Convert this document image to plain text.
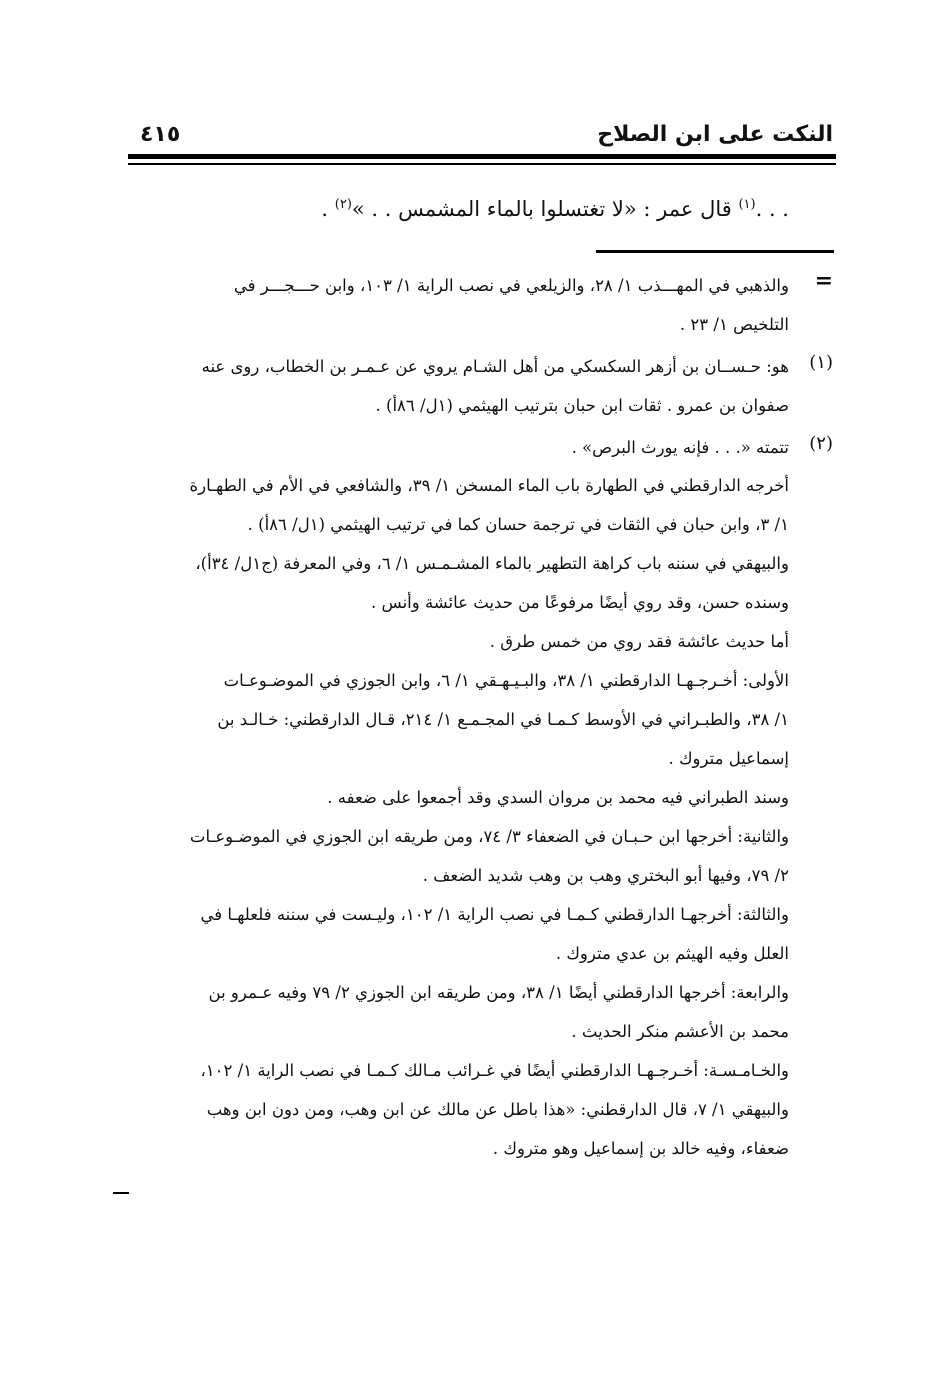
النكت على ابن الصلاح
٤١٥
. . .$^{(١)}$ قال عمر : «لا تغتسلوا بالماء المشمس . . »$^{(٢)}$ .
=
والذهبي في المهـــذب ١/ ٢٨، والزيلعي في نصب الراية ١/ ١٠٣، وابن حـــجـــر في
التلخيص ١/ ٢٣ .
(١)
هو: حـســان بن أزهر السكسكي من أهل الشـام يروي عن عـمـر بن الخطاب، روى عنه
صفوان بن عمرو . ثقات ابن حبان بترتيب الهيثمي (١ل/ ٨٦أ) .
(٢)
تتمته «. . . فإنه يورث البرص» .
أخرجه الدارقطني في الطهارة باب الماء المسخن ١/ ٣٩، والشافعي في الأم في الطهـارة
١/ ٣، وابن حبان في الثقات في ترجمة حسان كما في ترتيب الهيثمي (١ل/ ٨٦أ) .
والبيهقي في سننه باب كراهة التطهير بالماء المشـمـس ١/ ٦، وفي المعرفة (ج١ل/ ٣٤أ)،
وسنده حسن، وقد روي أيضًا مرفوعًا من حديث عائشة وأنس .
أما حديث عائشة فقد روي من خمس طرق .
الأولى: أخـرجـهـا الدارقطني ١/ ٣٨، والبـيـهـقي ١/ ٦، وابن الجوزي في الموضـوعـات
١/ ٣٨، والطبـراني في الأوسط كـمـا في المجـمـع ١/ ٢١٤، قـال الدارقطني: خـالـد بن
إسماعيل متروك .
وسند الطبراني فيه محمد بن مروان السدي وقد أجمعوا على ضعفه .
والثانية: أخرجها ابن حـبـان في الضعفاء ٣/ ٧٤، ومن طريقه ابن الجوزي في الموضـوعـات
٢/ ٧٩، وفيها أبو البختري وهب بن وهب شديد الضعف .
والثالثة: أخرجهـا الدارقطني كـمـا في نصب الراية ١/ ١٠٢، وليـست في سننه فلعلهـا في
العلل وفيه الهيثم بن عدي متروك .
والرابعة: أخرجها الدارقطني أيضًا ١/ ٣٨، ومن طريقه ابن الجوزي ٢/ ٧٩ وفيه عـمرو بن
محمد بن الأعشم منكر الحديث .
والخـامـسـة: أخـرجـهـا الدارقطني أيضًا في غـرائب مـالك كـمـا في نصب الراية ١/ ١٠٢،
والبيهقي ١/ ٧، قال الدارقطني: «هذا باطل عن مالك عن ابن وهب، ومن دون ابن وهب
ضعفاء، وفيه خالد بن إسماعيل وهو متروك .
